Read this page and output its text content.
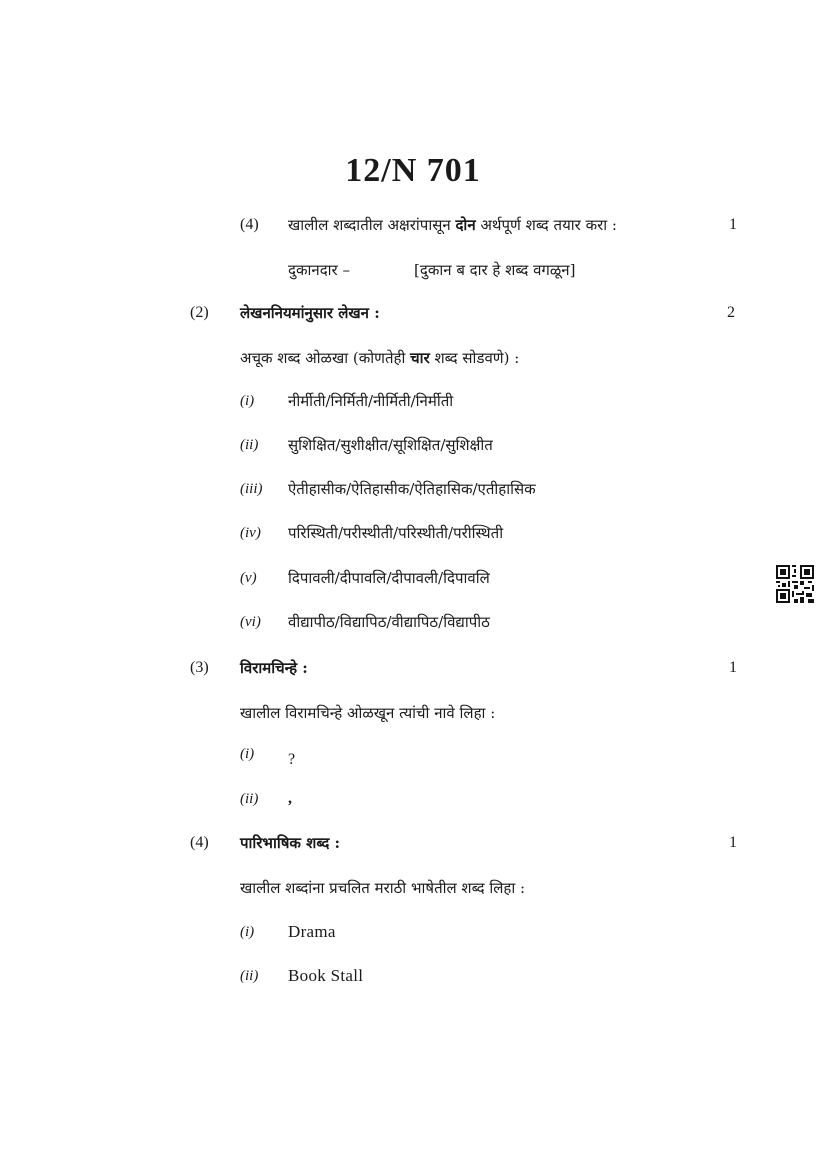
12/N 701
(4) खालील शब्दातील अक्षरांपासून दोन अर्थपूर्ण शब्द तयार करा :	1
दुकानदार –	[दुकान ब दार हे शब्द वगळून]
(2) लेखननियमांनुसार लेखन :	2
अचूक शब्द ओळखा (कोणतेही चार शब्द सोडवणे) :
(i) नीर्मीती/निर्मिती/नीर्मिती/निर्मीती
(ii) सुशिक्षित/सुशीक्षीत/सूशिक्षित/सुशिक्षीत
(iii) ऐतीहासीक/ऐतिहासीक/ऐतिहासिक/एतीहासिक
(iv) परिस्थिती/परीस्थीती/परिस्थीती/परीस्थिती
(v) दिपावली/दीपावलि/दीपावली/दिपावलि
(vi) वीद्यापीठ/विद्यापिठ/वीद्यापिठ/विद्यापीठ
(3) विरामचिन्हे :	1
खालील विरामचिन्हे ओळखून त्यांची नावे लिहा :
(i) ?
(ii) ,
(4) पारिभाषिक शब्द :	1
खालील शब्दांना प्रचलित मराठी भाषेतील शब्द लिहा :
(i) Drama
(ii) Book Stall
